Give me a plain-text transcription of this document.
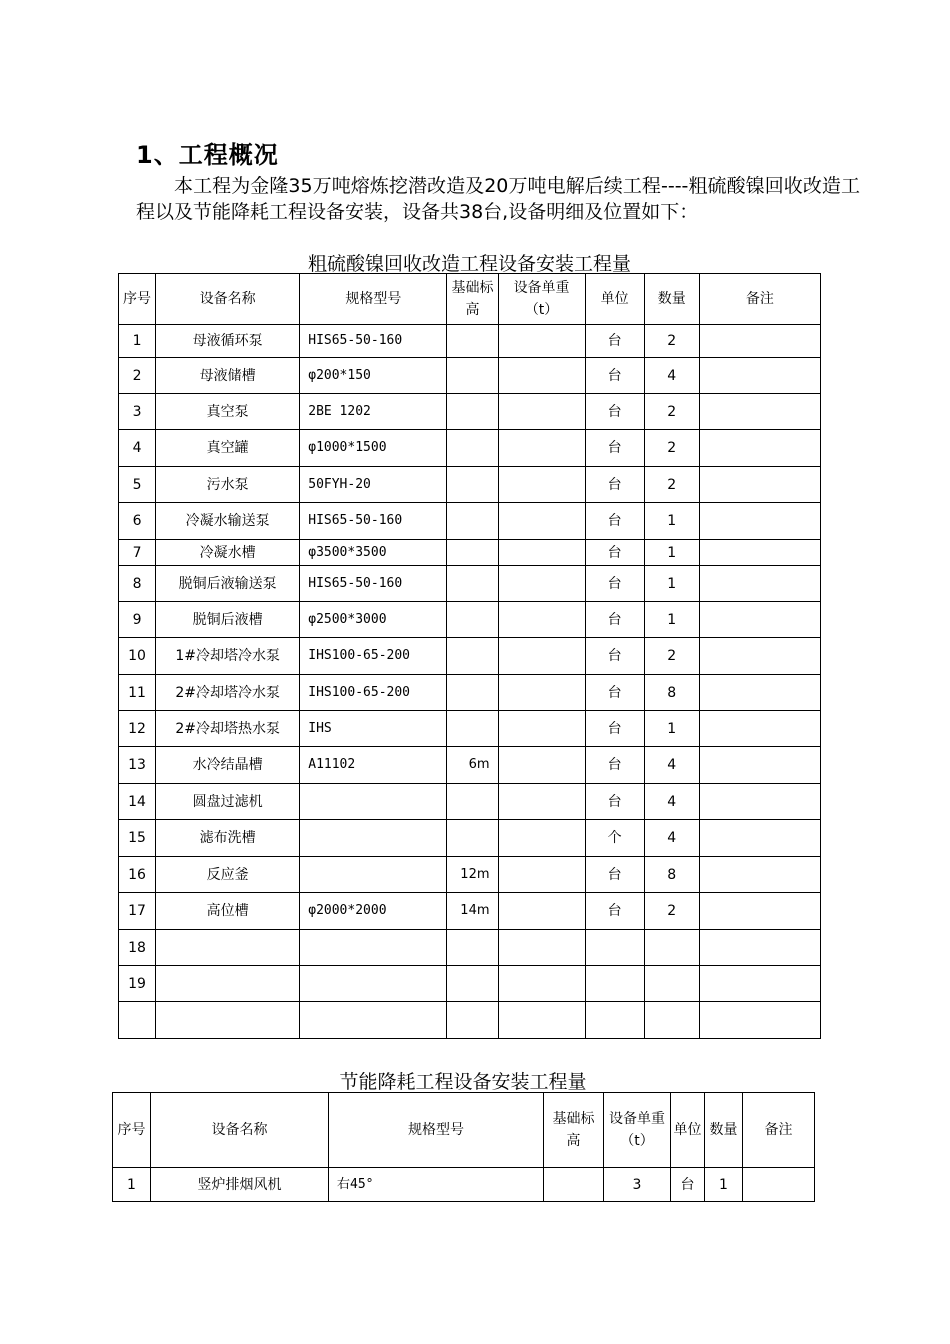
1、工程概况

本工程为金隆35万吨熔炼挖潜改造及20万吨电解后续工程----粗硫酸镍回收改造工程以及节能降耗工程设备安装，设备共38台,设备明细及位置如下：

粗硫酸镍回收改造工程设备安装工程量
序号	设备名称	规格型号	基础标高	设备单重（t）	单位	数量	备注
1	母液循环泵	HIS65-50-160			台	2	
2	母液储槽	φ200*150			台	4	
3	真空泵	2BE 1202			台	2	
4	真空罐	φ1000*1500			台	2	
5	污水泵	50FYH-20			台	2	
6	冷凝水输送泵	HIS65-50-160			台	1	
7	冷凝水槽	φ3500*3500			台	1	
8	脱铜后液输送泵	HIS65-50-160			台	1	
9	脱铜后液槽	φ2500*3000			台	1	
10	1#冷却塔冷水泵	IHS100-65-200			台	2	
11	2#冷却塔冷水泵	IHS100-65-200			台	8	
12	2#冷却塔热水泵	IHS			台	1	
13	水冷结晶槽	A11102	6m		台	4	
14	圆盘过滤机				台	4	
15	滤布洗槽				个	4	
16	反应釜		12m		台	8	
17	高位槽	φ2000*2000	14m		台	2	
18							
19							

节能降耗工程设备安装工程量
序号	设备名称	规格型号	基础标高	设备单重（t）	单位	数量	备注
1	竖炉排烟风机	右45°		3	台	1	
